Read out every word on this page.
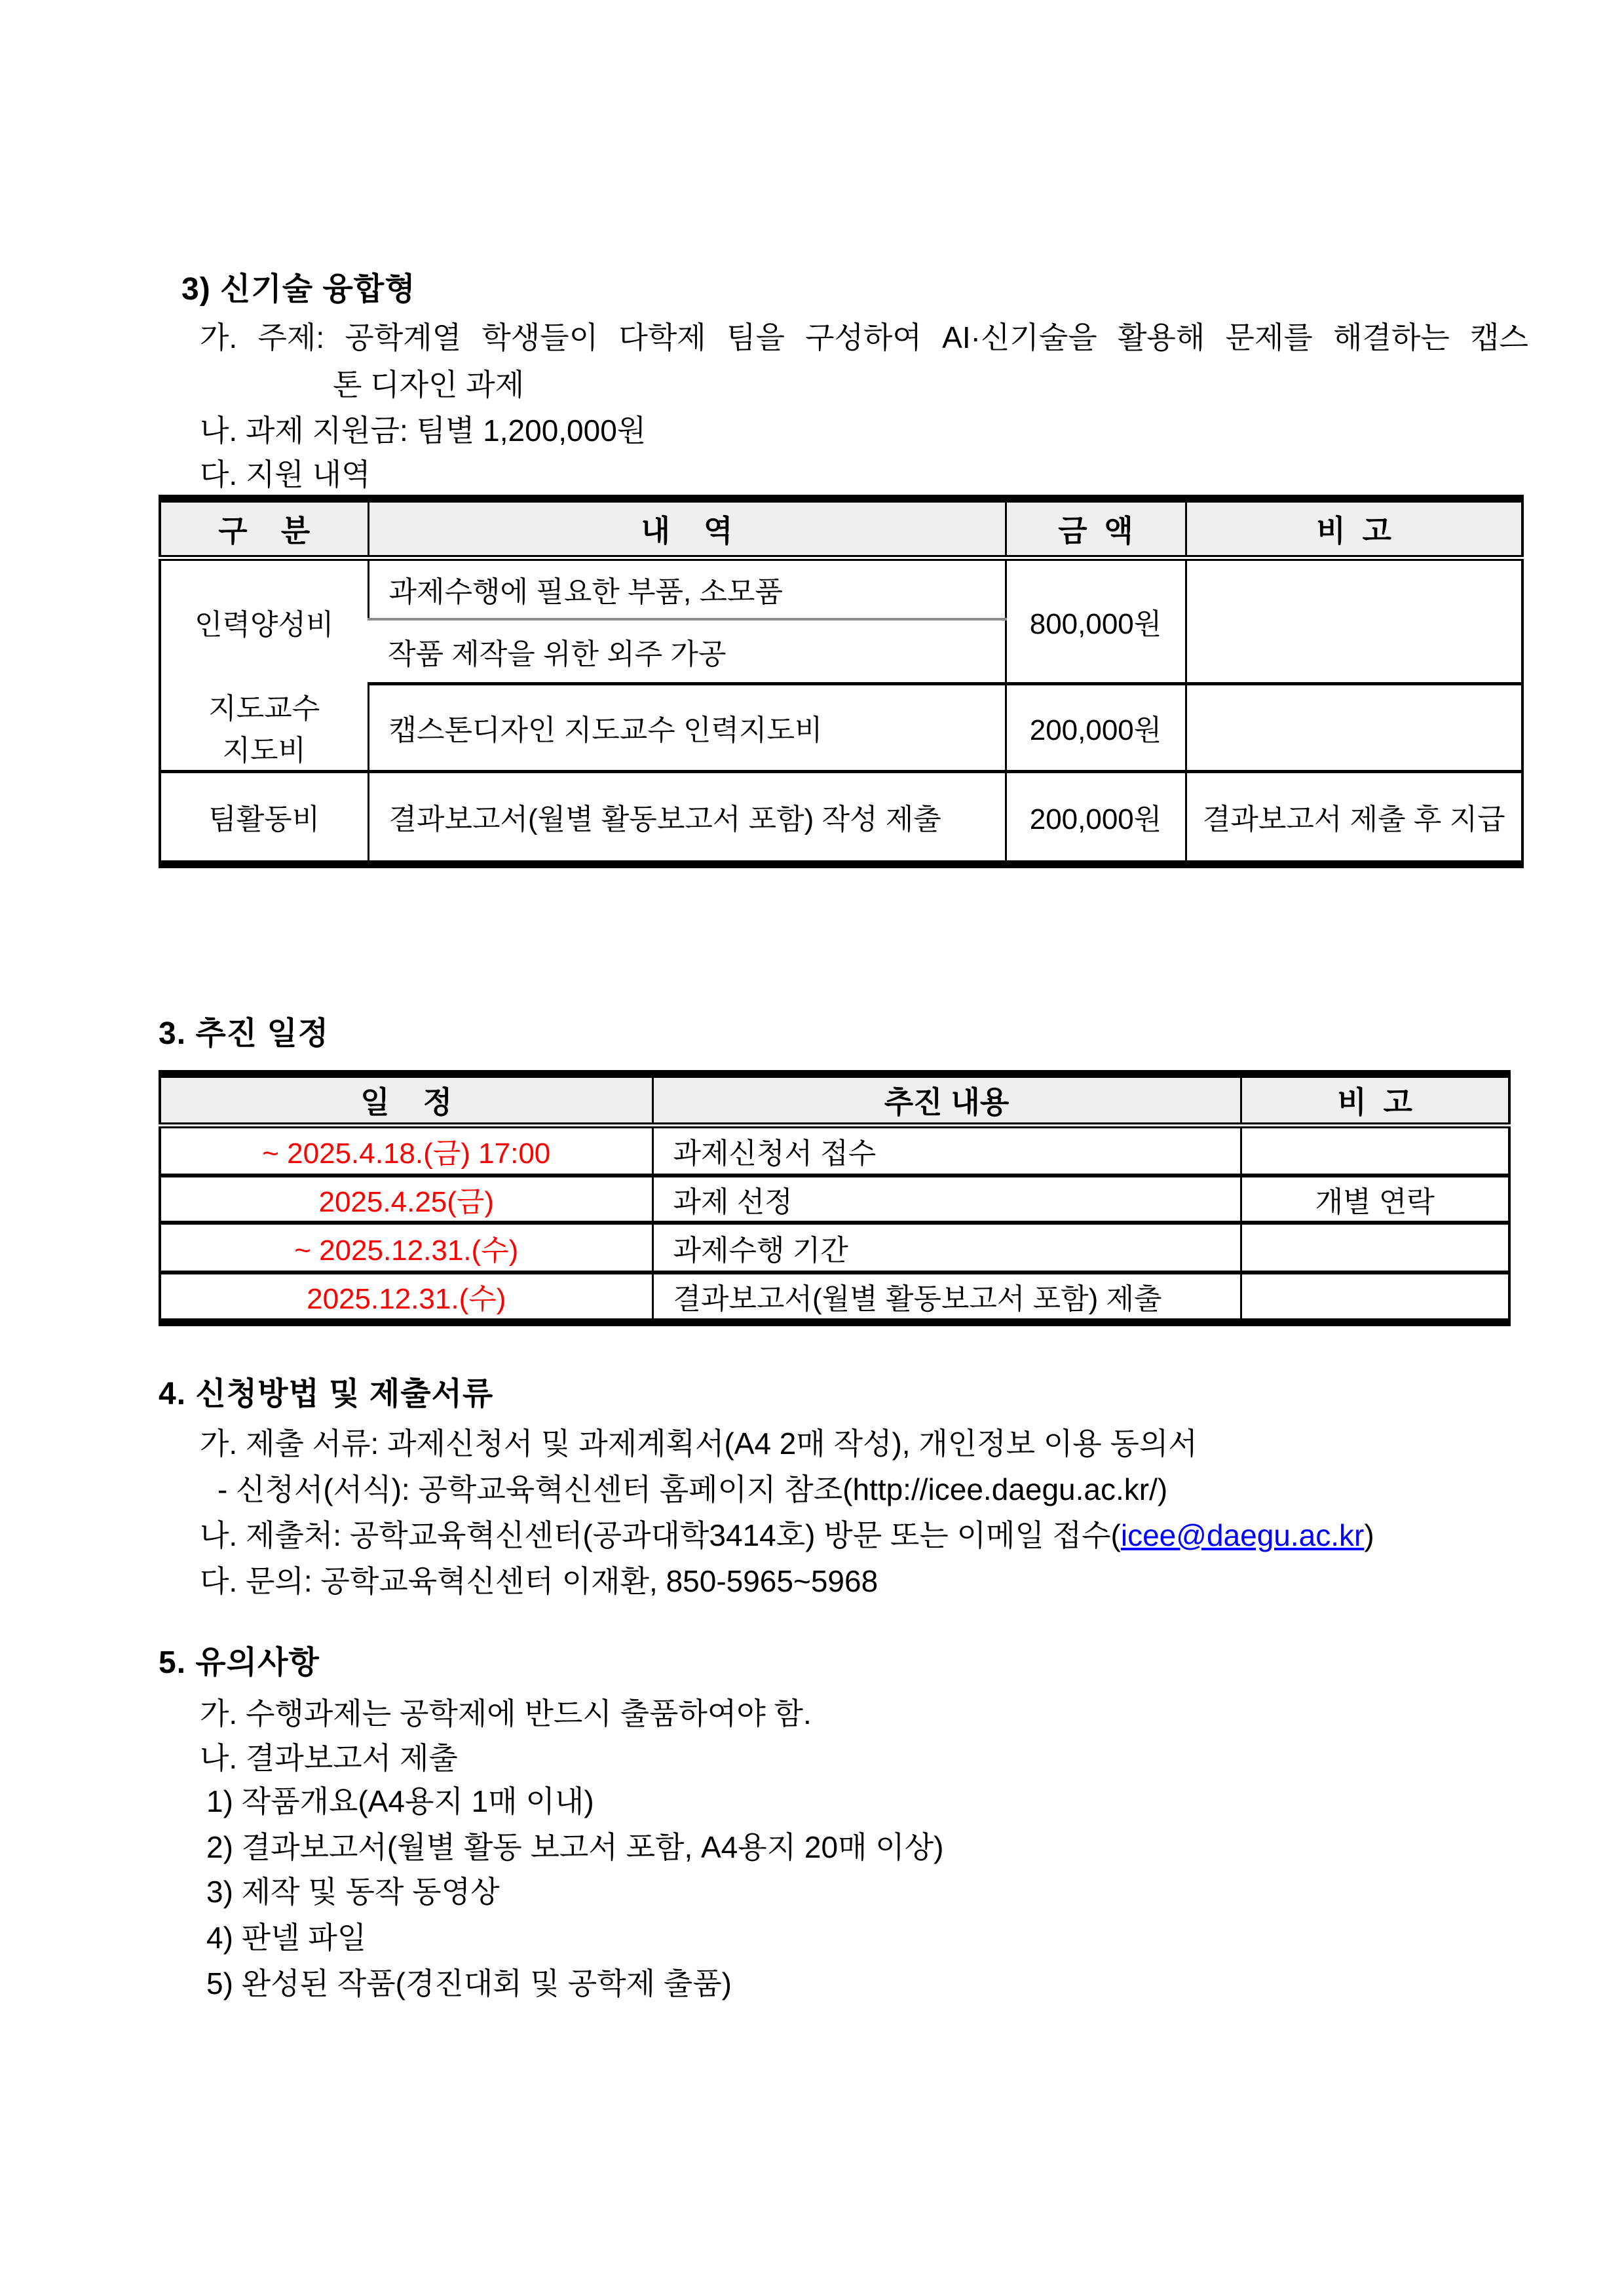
3) 신기술 융합형
가. 주제: 공학계열 학생들이 다학제 팀을 구성하여 AI·신기술을 활용해 문제를 해결하는 캡스
톤 디자인 과제
나. 과제 지원금: 팀별 1,200,000원
다. 지원 내역
구    분	내    역	금  액	비  고
인력양성비	과제수행에 필요한 부품, 소모품	800,000원	
	작품 제작을 위한 외주 가공		

지도교수
지도비	캡스톤디자인 지도교수 인력지도비	200,000원	
팀활동비	결과보고서(월별 활동보고서 포함) 작성 제출	200,000원	결과보고서 제출 후 지급
3. 추진 일정
일    정	추진 내용	비  고
~ 2025.4.18.(금) 17:00	과제신청서 접수	
2025.4.25(금)	과제 선정	개별 연락
~ 2025.12.31.(수)	과제수행 기간	
2025.12.31.(수)	결과보고서(월별 활동보고서 포함) 제출	
4. 신청방법 및 제출서류
가. 제출 서류: 과제신청서 및 과제계획서(A4 2매 작성), 개인정보 이용 동의서
- 신청서(서식): 공학교육혁신센터 홈페이지 참조(http://icee.daegu.ac.kr/)
나. 제출처: 공학교육혁신센터(공과대학3414호) 방문 또는 이메일 접수(icee@daegu.ac.kr)
다. 문의: 공학교육혁신센터 이재환, 850-5965~5968
5. 유의사항
가. 수행과제는 공학제에 반드시 출품하여야 함.
나. 결과보고서 제출
1) 작품개요(A4용지 1매 이내)
2) 결과보고서(월별 활동 보고서 포함, A4용지 20매 이상)
3) 제작 및 동작 동영상
4) 판넬 파일
5) 완성된 작품(경진대회 및 공학제 출품)
